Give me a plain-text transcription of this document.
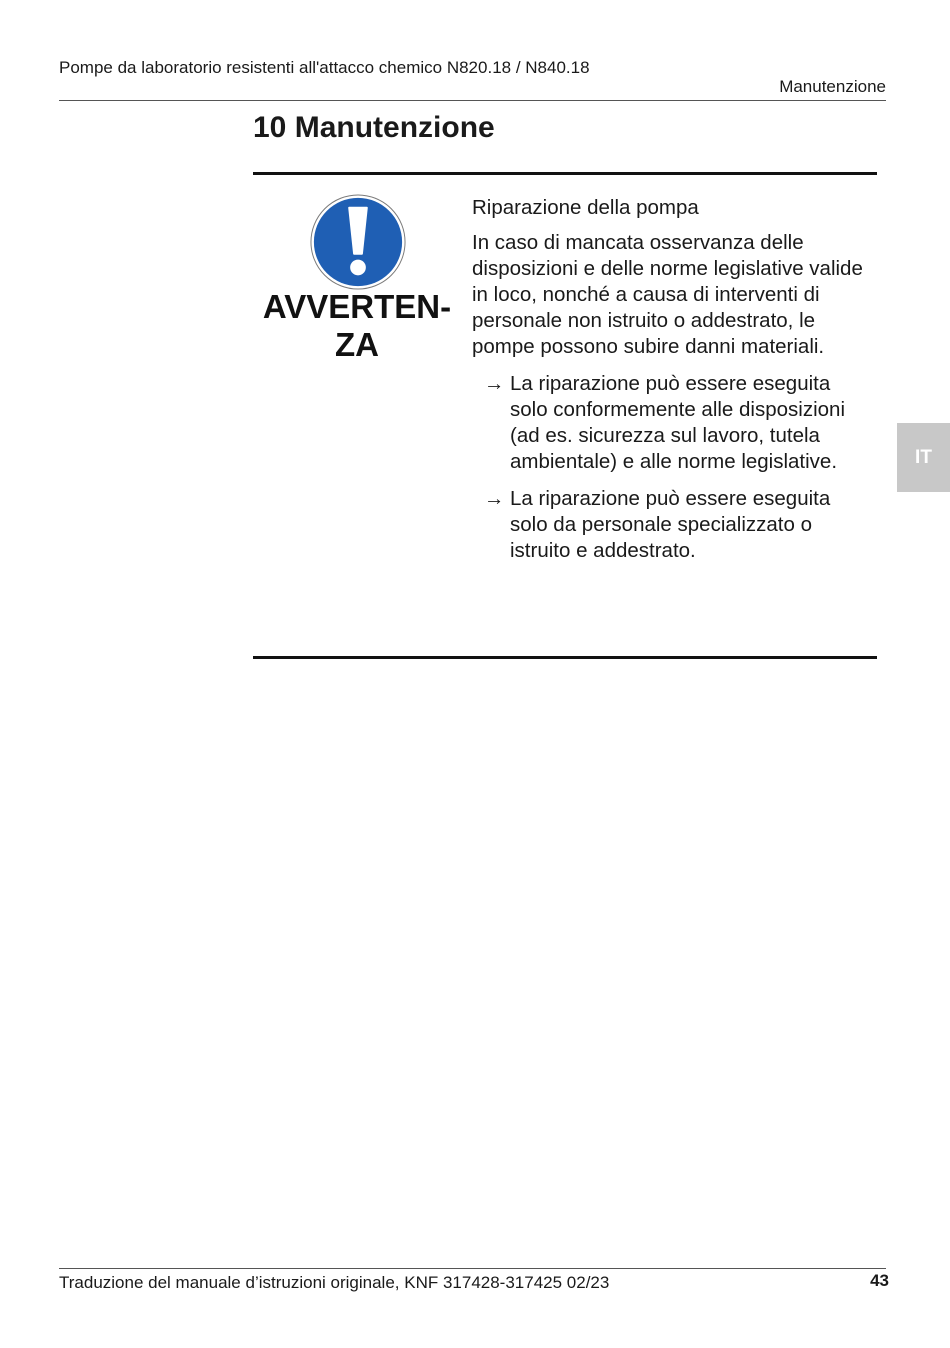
Pompe da laboratorio resistenti all'attacco chemico N820.18 / N840.18
Manutenzione
10 Manutenzione
AVVERTEN-
ZA

Riparazione della pompa

In caso di mancata osservanza delle disposizioni e delle norme legislative valide in loco, nonché a causa di interventi di personale non istruito o addestrato, le pompe possono subire danni materiali.

→ La riparazione può essere eseguita solo conformemente alle disposizioni (ad es. sicurezza sul lavoro, tutela ambientale) e alle norme legislative.
→ La riparazione può essere eseguita solo da personale specializzato o istruito e addestrato.
IT
Traduzione del manuale d’istruzioni originale, KNF 317428-317425 02/23	43
